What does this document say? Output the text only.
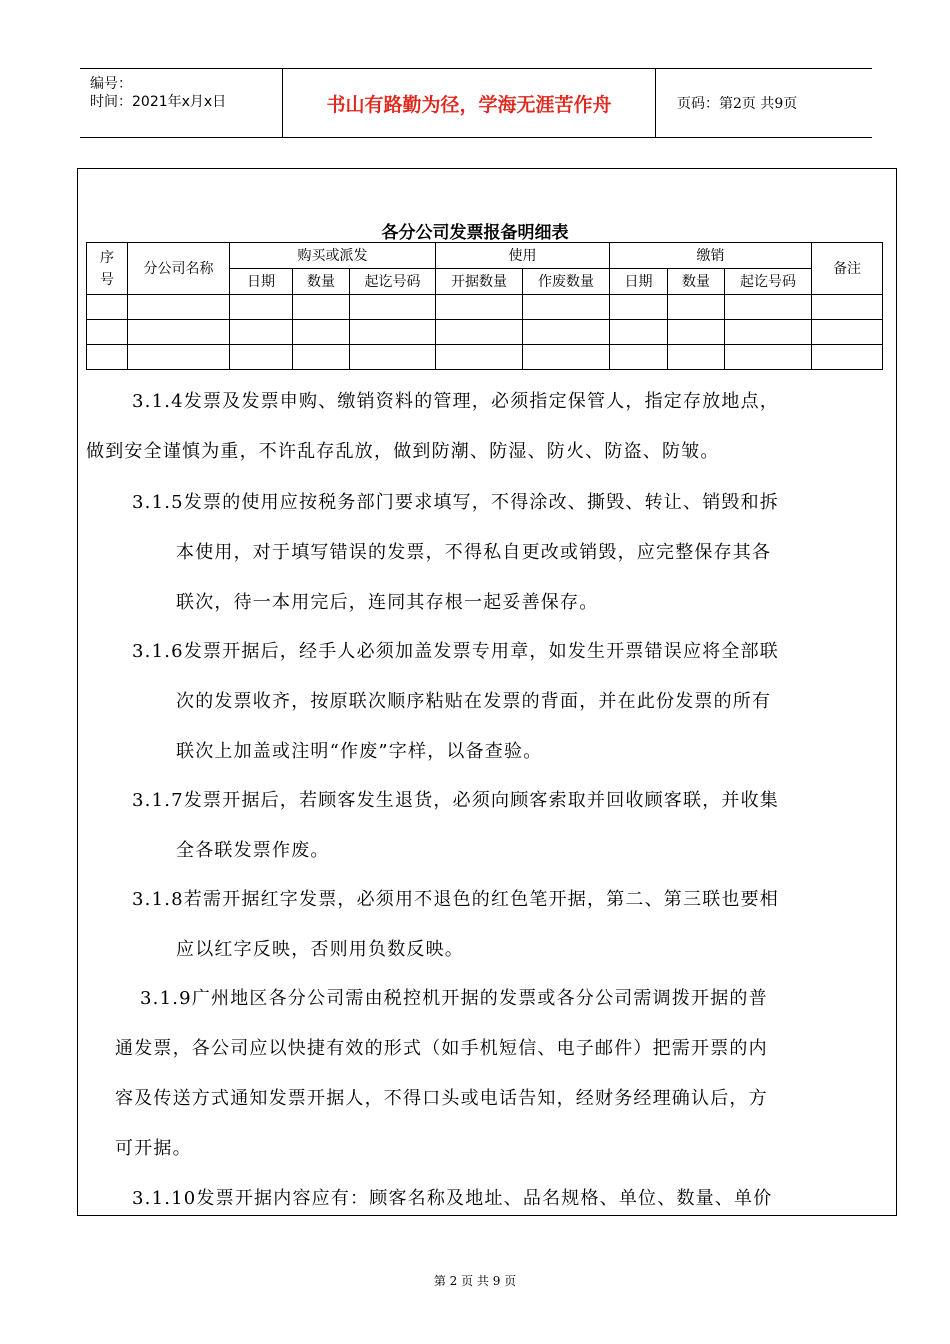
编号：
时间：2021年x月x日	书山有路勤为径，学海无涯苦作舟	页码：第2页 共9页
各分公司发票报备明细表
序
号	分公司名称	购买或派发			使用		缴销			备注
		日期	数量	起讫号码	开据数量	作废数量	日期	数量	起讫号码	

3.1.4发票及发票申购、缴销资料的管理，必须指定保管人，指定存放地点，
做到安全谨慎为重，不许乱存乱放，做到防潮、防湿、防火、防盗、防皱。
3.1.5发票的使用应按税务部门要求填写，不得涂改、撕毁、转让、销毁和拆
本使用，对于填写错误的发票，不得私自更改或销毁，应完整保存其各
联次，待一本用完后，连同其存根一起妥善保存。
3.1.6发票开据后，经手人必须加盖发票专用章，如发生开票错误应将全部联
次的发票收齐，按原联次顺序粘贴在发票的背面，并在此份发票的所有
联次上加盖或注明“作废”字样，以备查验。
3.1.7发票开据后，若顾客发生退货，必须向顾客索取并回收顾客联，并收集
全各联发票作废。
3.1.8若需开据红字发票，必须用不退色的红色笔开据，第二、第三联也要相
应以红字反映，否则用负数反映。
3.1.9广州地区各分公司需由税控机开据的发票或各分公司需调拨开据的普
通发票，各公司应以快捷有效的形式（如手机短信、电子邮件）把需开票的内
容及传送方式通知发票开据人，不得口头或电话告知，经财务经理确认后，方
可开据。
3.1.10发票开据内容应有：顾客名称及地址、品名规格、单位、数量、单价
第 2 页 共 9 页
